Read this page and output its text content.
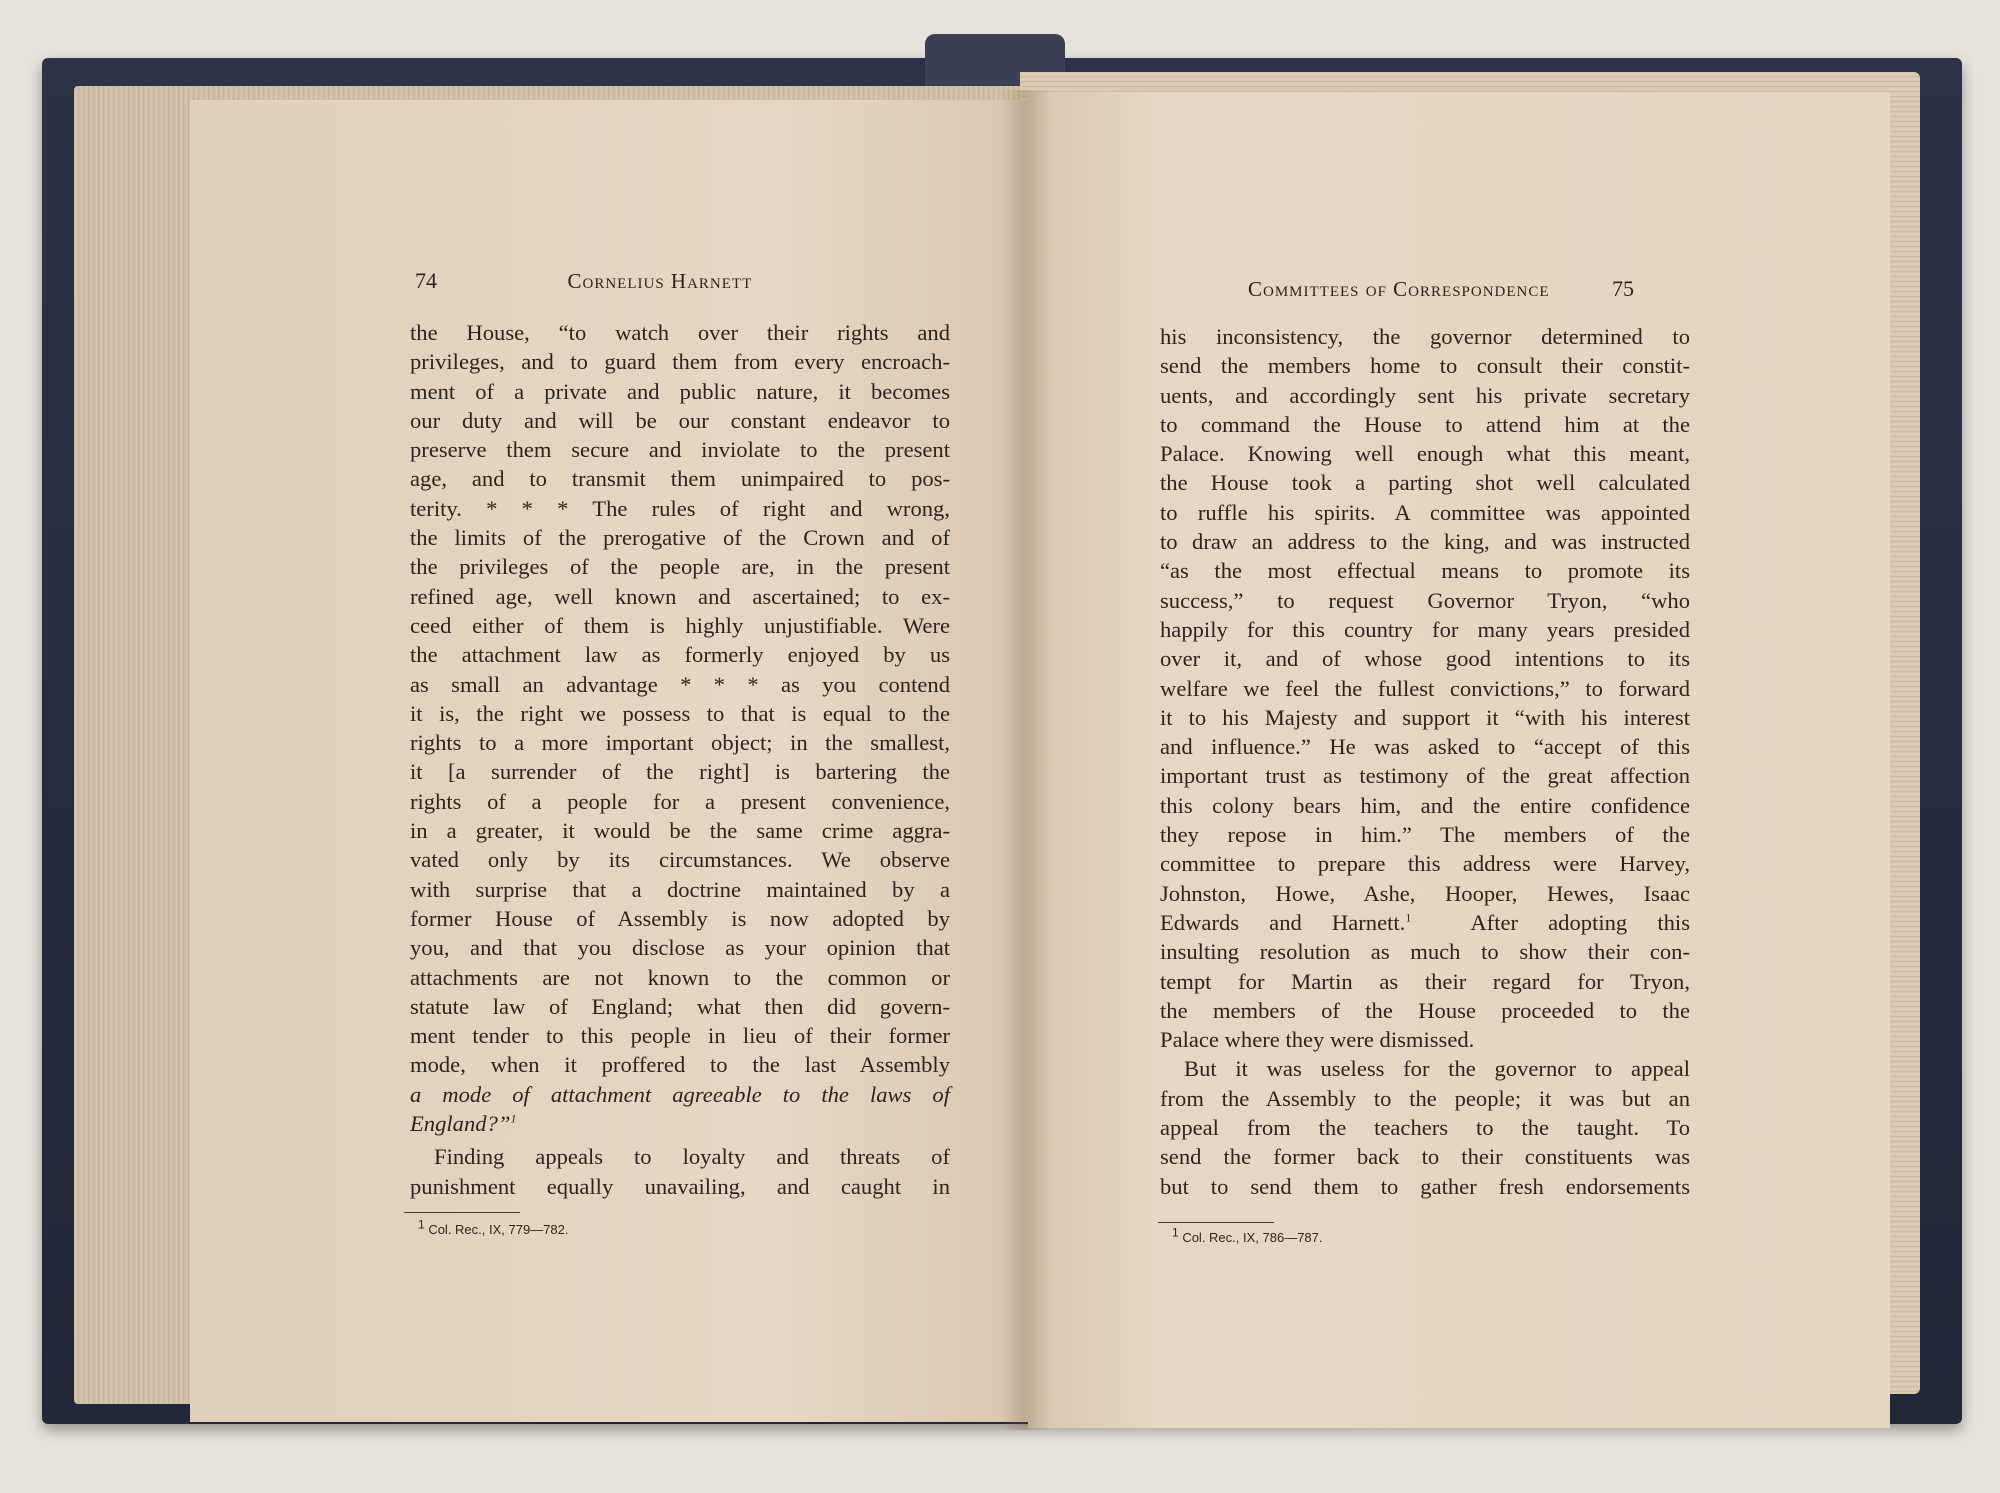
74	Cornelius Harnett

the House, “to watch over their rights and

privileges, and to guard them from every encroach-

ment of a private and public nature, it becomes

our duty and will be our constant endeavor to

preserve them secure and inviolate to the present

age, and to transmit them unimpaired to pos-

terity. * * * The rules of right and wrong,

the limits of the prerogative of the Crown and of

the privileges of the people are, in the present

refined age, well known and ascertained; to ex-

ceed either of them is highly unjustifiable. Were

the attachment law as formerly enjoyed by us

as small an advantage * * * as you contend

it is, the right we possess to that is equal to the

rights to a more important object; in the smallest,

it [a surrender of the right] is bartering the

rights of a people for a present convenience,

in a greater, it would be the same crime aggra-

vated only by its circumstances. We observe

with surprise that a doctrine maintained by a

former House of Assembly is now adopted by

you, and that you disclose as your opinion that

attachments are not known to the common or

statute law of England; what then did govern-

ment tender to this people in lieu of their former

mode, when it proffered to the last Assembly

a mode of attachment agreeable to the laws of

England?”$^1$

Finding appeals to loyalty and threats of

punishment equally unavailing, and caught in

$^1$ Col. Rec., IX, 779—782.
Committees of Correspondence	75

his inconsistency, the governor determined to

send the members home to consult their constit-

uents, and accordingly sent his private secretary

to command the House to attend him at the

Palace. Knowing well enough what this meant,

the House took a parting shot well calculated

to ruffle his spirits. A committee was appointed

to draw an address to the king, and was instructed

“as the most effectual means to promote its

success,” to request Governor Tryon, “who

happily for this country for many years presided

over it, and of whose good intentions to its

welfare we feel the fullest convictions,” to forward

it to his Majesty and support it “with his interest

and influence.” He was asked to “accept of this

important trust as testimony of the great affection

this colony bears him, and the entire confidence

they repose in him.” The members of the

committee to prepare this address were Harvey,

Johnston, Howe, Ashe, Hooper, Hewes, Isaac

Edwards and Harnett.$^1$	After adopting this

insulting resolution as much to show their con-

tempt for Martin as their regard for Tryon,

the members of the House proceeded to the

Palace where they were dismissed.

But it was useless for the governor to appeal

from the Assembly to the people; it was but an

appeal from the teachers to the taught. To

send the former back to their constituents was

but to send them to gather fresh endorsements

$^1$ Col. Rec., IX, 786—787.
